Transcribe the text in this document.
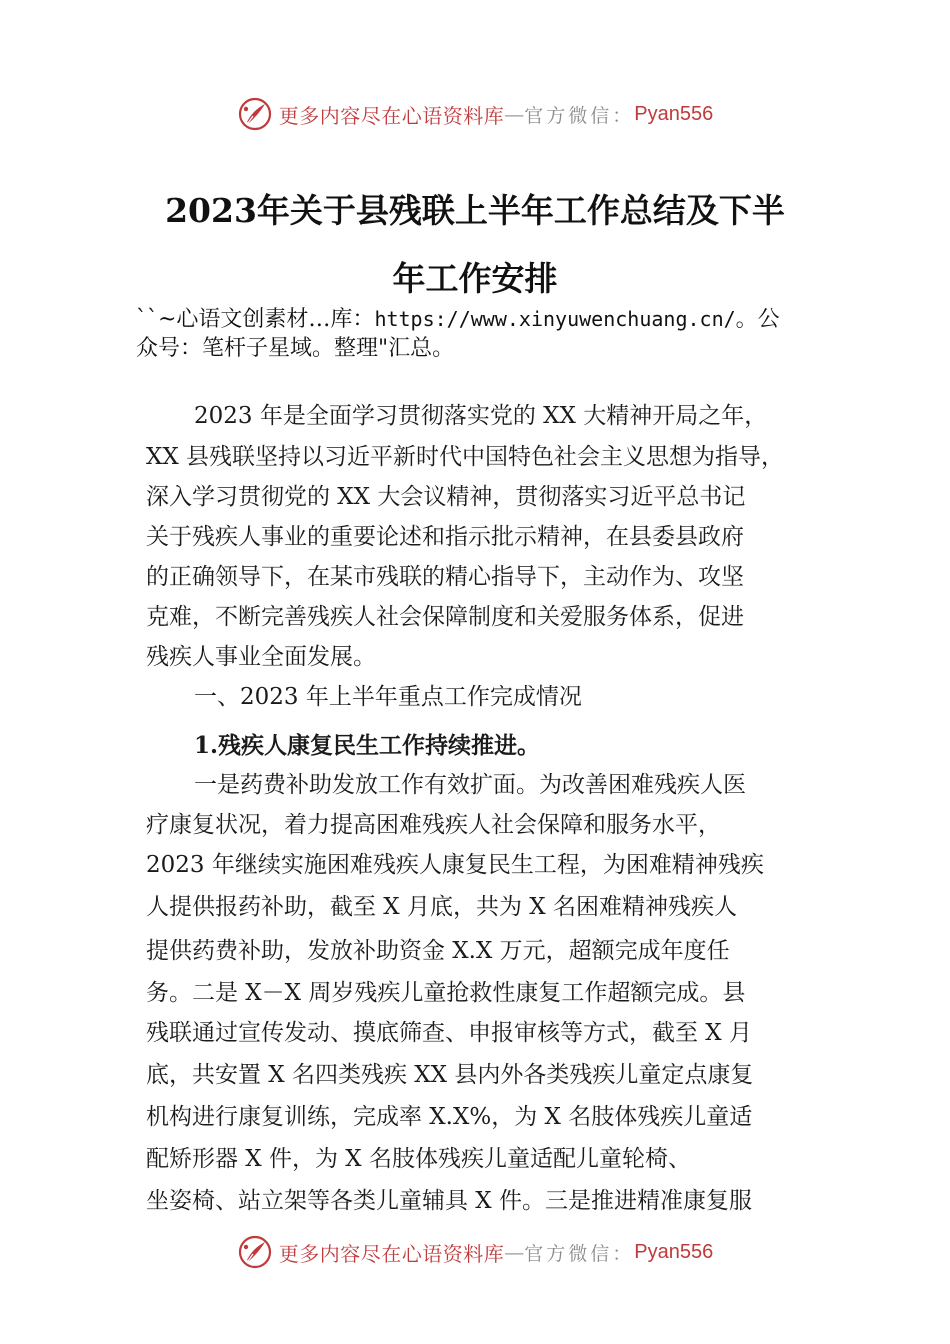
更多内容尽在心语资料库 — 官方微信： Pyan556
2023年关于县残联上半年工作总结及下半
年工作安排

``~心语文创素材…库：https://www.xinyuwenchuang.cn/。公
众号：笔杆子星域。整理"汇总。

2023 年是全面学习贯彻落实党的 XX 大精神开局之年，

XX 县残联坚持以习近平新时代中国特色社会主义思想为指导，

深入学习贯彻党的 XX 大会议精神，贯彻落实习近平总书记

关于残疾人事业的重要论述和指示批示精神，在县委县政府

的正确领导下，在某市残联的精心指导下，主动作为、攻坚

克难，不断完善残疾人社会保障制度和关爱服务体系，促进

残疾人事业全面发展。

一、2023 年上半年重点工作完成情况

1.残疾人康复民生工作持续推进。

一是药费补助发放工作有效扩面。为改善困难残疾人医

疗康复状况，着力提高困难残疾人社会保障和服务水平，

2023 年继续实施困难残疾人康复民生工程，为困难精神残疾

人提供报药补助，截至 X 月底，共为 X 名困难精神残疾人

提供药费补助，发放补助资金 X.X 万元，超额完成年度任

务。二是 X－X 周岁残疾儿童抢救性康复工作超额完成。县

残联通过宣传发动、摸底筛查、申报审核等方式，截至 X 月

底，共安置 X 名四类残疾 XX 县内外各类残疾儿童定点康复

机构进行康复训练，完成率 X.X%，为 X 名肢体残疾儿童适

配矫形器 X 件，为 X 名肢体残疾儿童适配儿童轮椅、

坐姿椅、站立架等各类儿童辅具 X 件。三是推进精准康复服

更多内容尽在心语资料库 — 官方微信： Pyan556
